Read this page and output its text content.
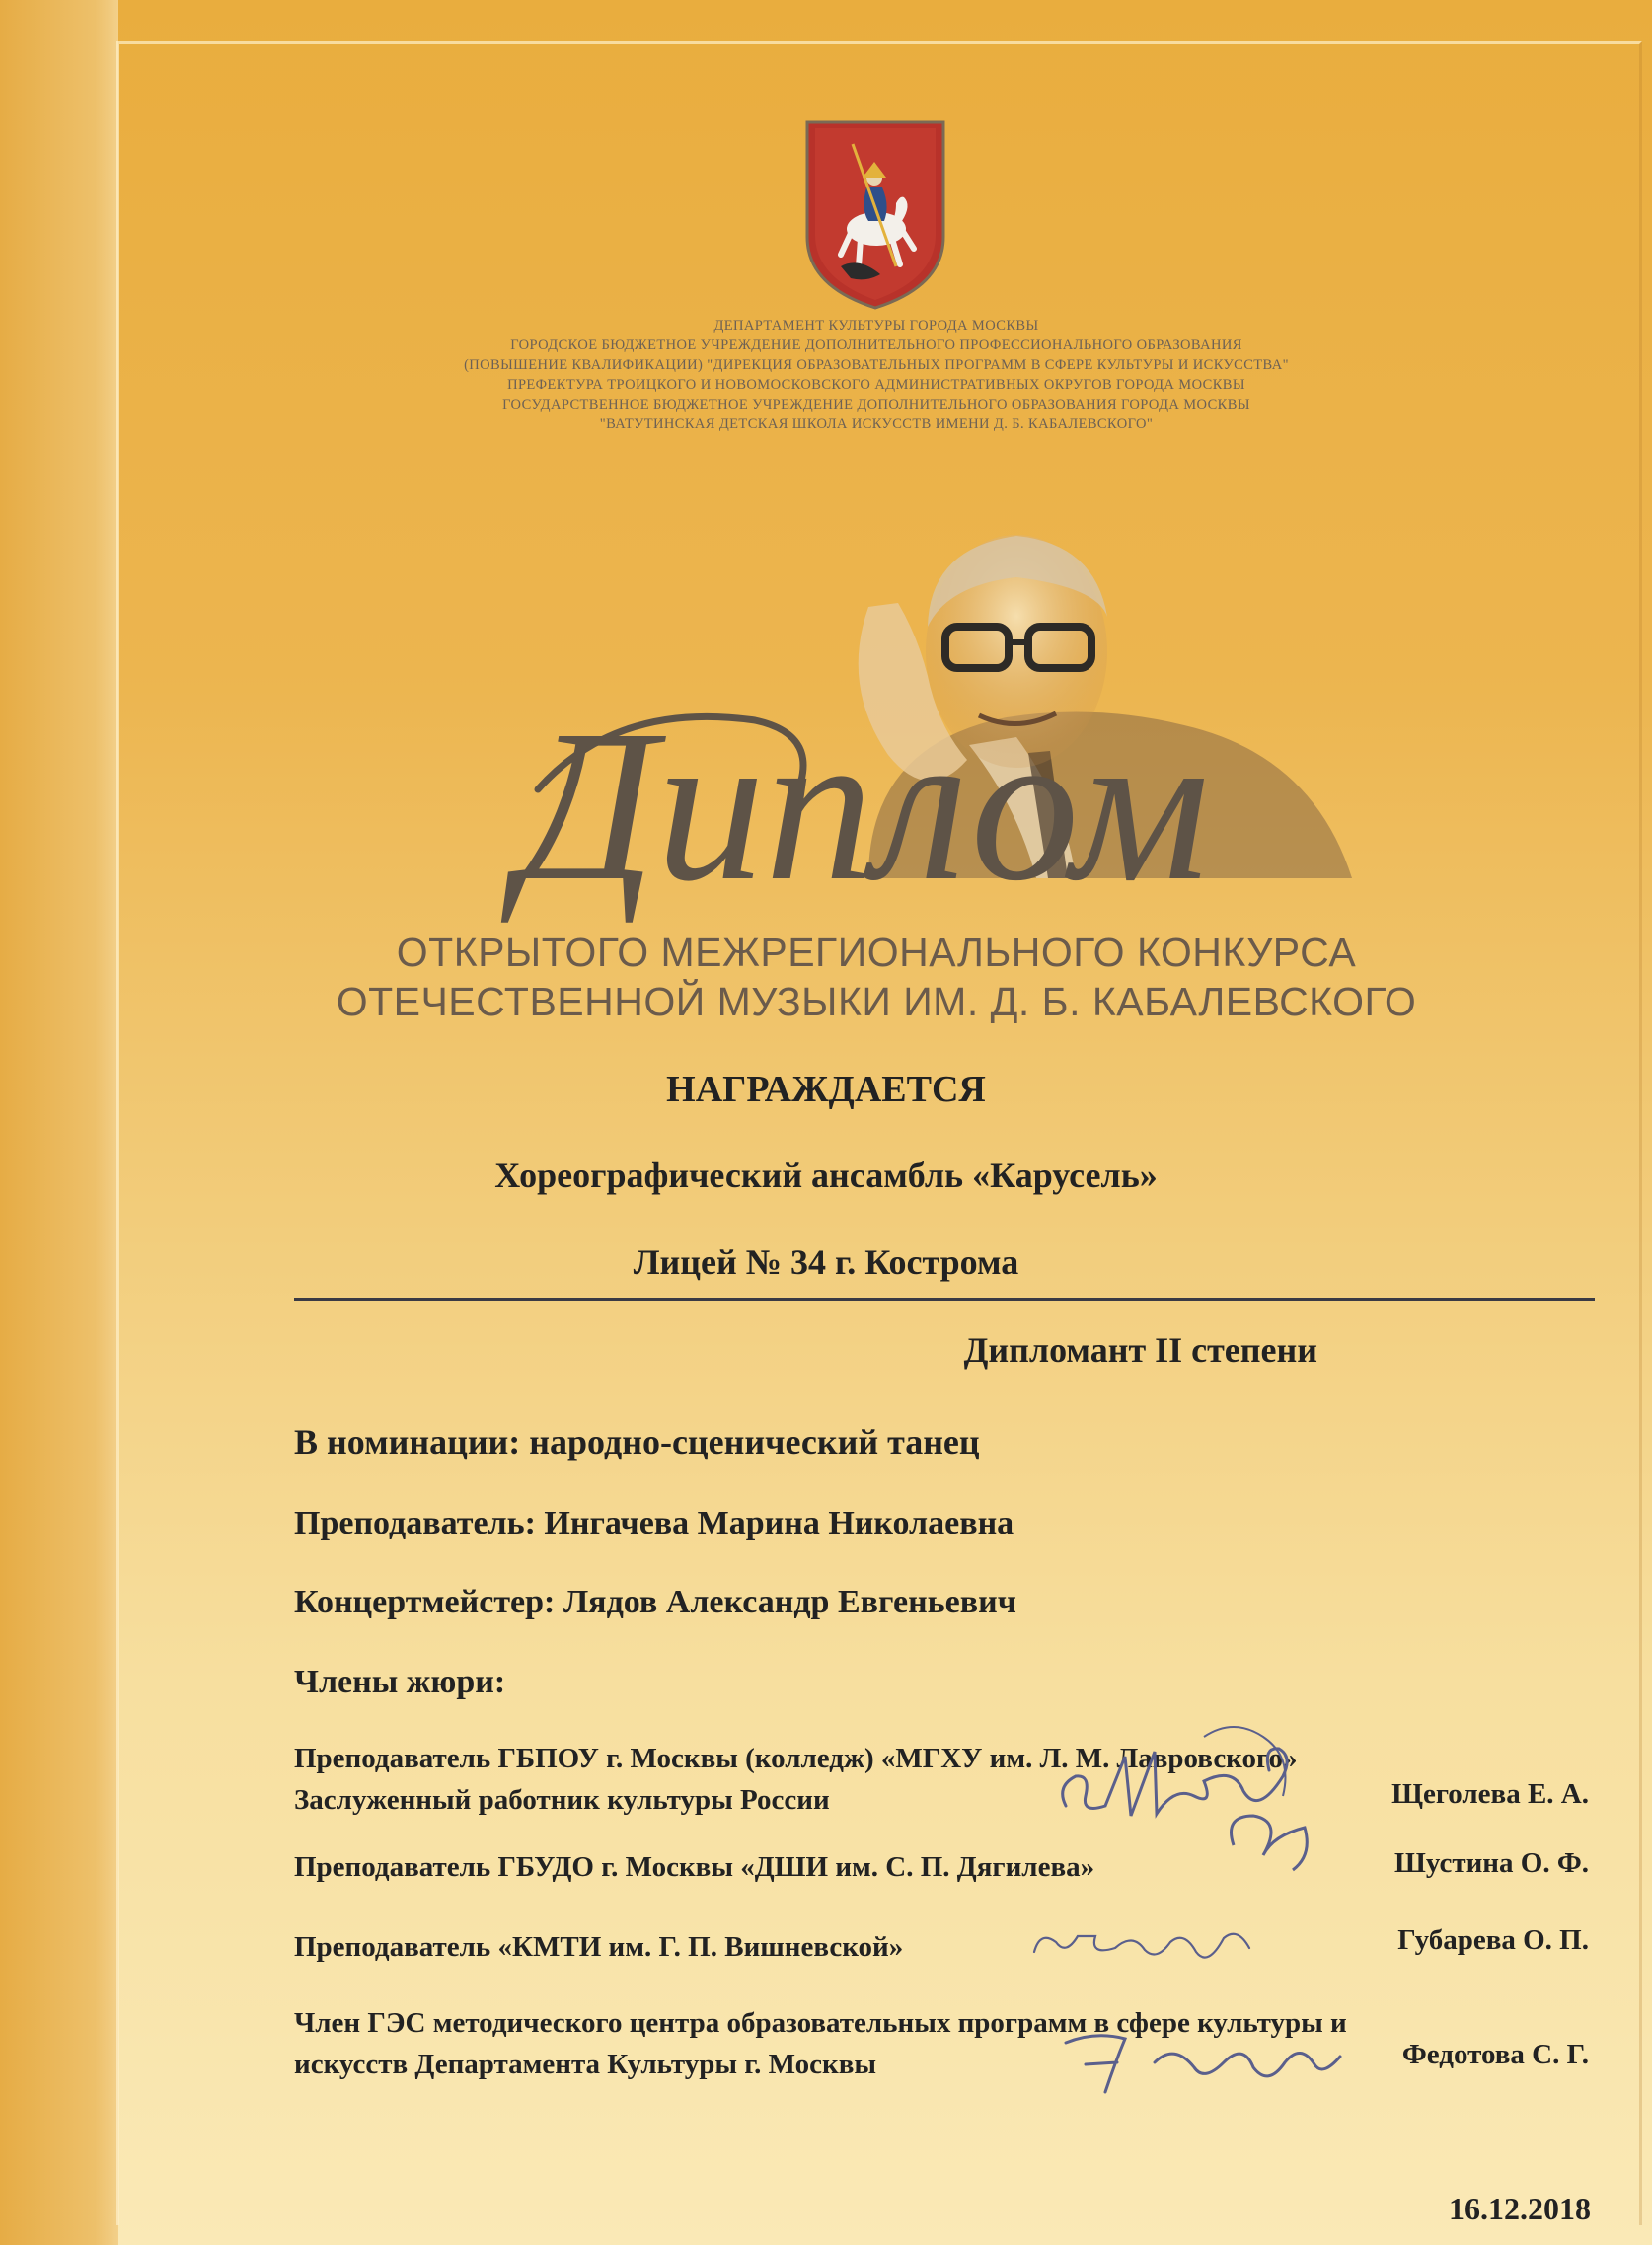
ДЕПАРТАМЕНТ КУЛЬТУРЫ ГОРОДА МОСКВЫ
ГОРОДСКОЕ БЮДЖЕТНОЕ УЧРЕЖДЕНИЕ ДОПОЛНИТЕЛЬНОГО ПРОФЕССИОНАЛЬНОГО ОБРАЗОВАНИЯ
(ПОВЫШЕНИЕ КВАЛИФИКАЦИИ) "ДИРЕКЦИЯ ОБРАЗОВАТЕЛЬНЫХ ПРОГРАММ В СФЕРЕ КУЛЬТУРЫ И ИСКУССТВА"
ПРЕФЕКТУРА ТРОИЦКОГО И НОВОМОСКОВСКОГО АДМИНИСТРАТИВНЫХ ОКРУГОВ ГОРОДА МОСКВЫ
ГОСУДАРСТВЕННОЕ БЮДЖЕТНОЕ УЧРЕЖДЕНИЕ ДОПОЛНИТЕЛЬНОГО ОБРАЗОВАНИЯ ГОРОДА МОСКВЫ
"ВАТУТИНСКАЯ ДЕТСКАЯ ШКОЛА ИСКУССТВ ИМЕНИ Д. Б. КАБАЛЕВСКОГО"
Диплом
ОТКРЫТОГО МЕЖРЕГИОНАЛЬНОГО КОНКУРСА
ОТЕЧЕСТВЕННОЙ МУЗЫКИ ИМ. Д. Б. КАБАЛЕВСКОГО
НАГРАЖДАЕТСЯ
Хореографический ансамбль «Карусель»
Лицей № 34 г. Кострома
Дипломант II степени
В номинации: народно-сценический танец
Преподаватель: Ингачева Марина Николаевна
Концертмейстер: Лядов Александр Евгеньевич
Члены жюри:
Преподаватель ГБПОУ г. Москвы (колледж) «МГХУ им. Л. М. Лавровского»
Заслуженный работник культуры России	Щеголева Е. А.
Преподаватель ГБУДО г. Москвы «ДШИ им. С. П. Дягилева»	Шустина О. Ф.
Преподаватель «КМТИ им. Г. П. Вишневской»	Губарева О. П.
Член ГЭС методического центра образовательных программ в сфере культуры и
искусств Департамента Культуры г. Москвы	Федотова С. Г.
16.12.2018
